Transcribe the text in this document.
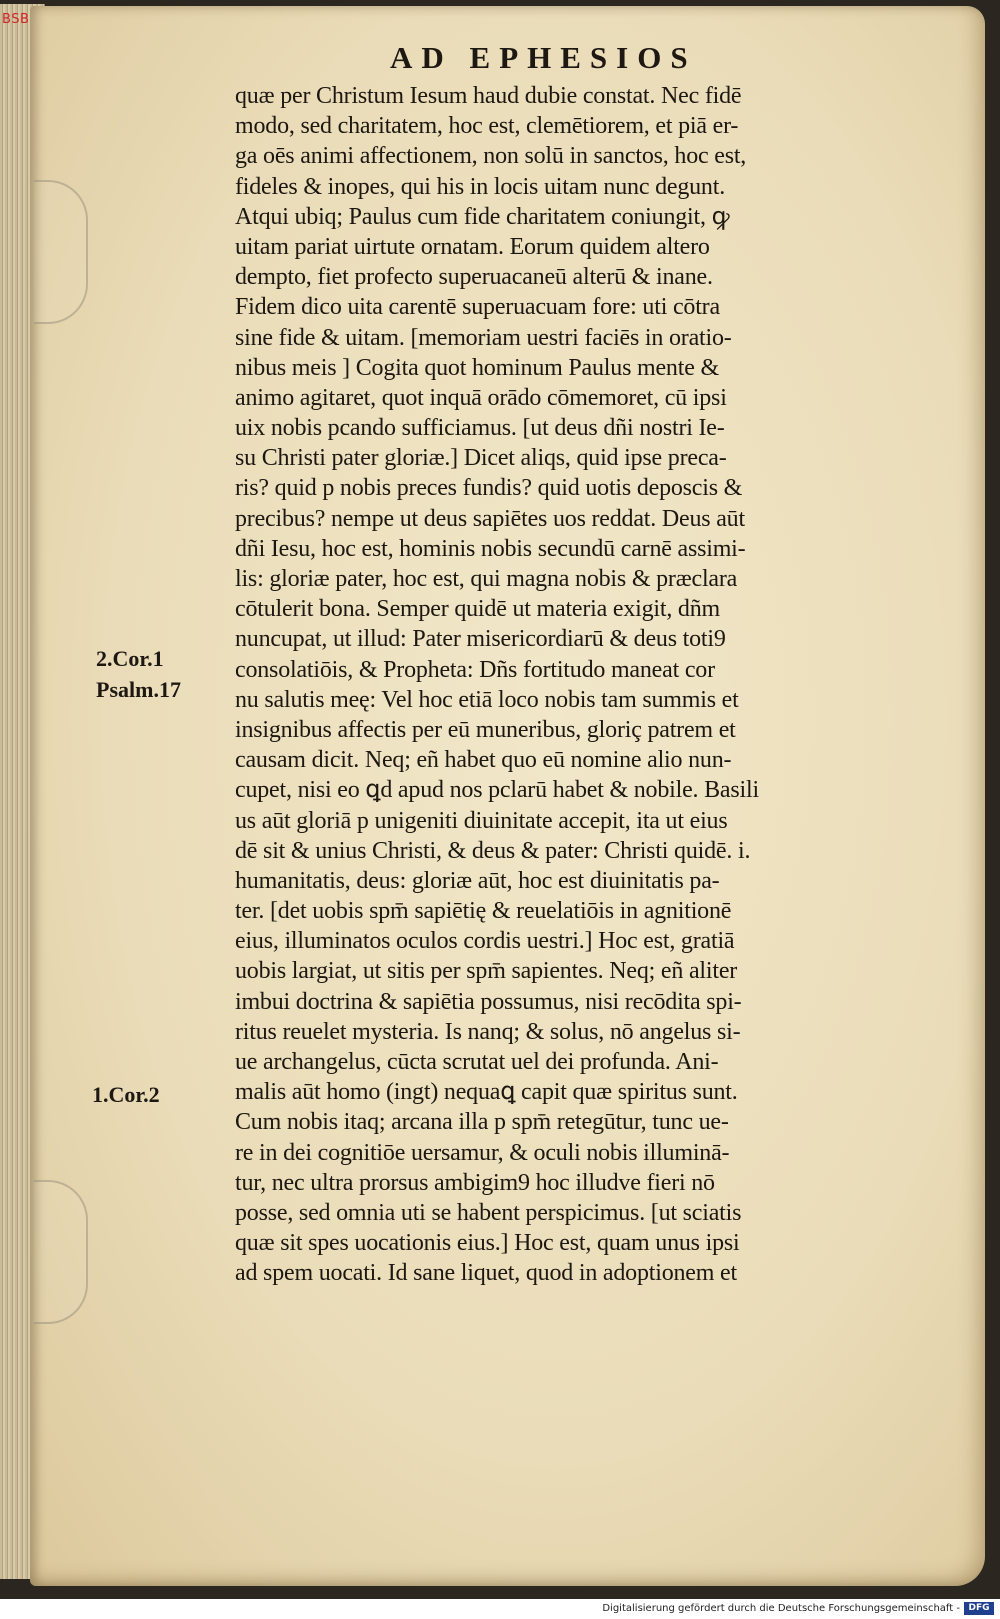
BSB
AD EPHESIOS
quæ per Christum Iesum haud dubie constat. Nec fidē
modo, sed charitatem, hoc est, clemētiorem, et piā er-
ga oēs animi affectionem, non solū in sanctos, hoc est,
fideles & inopes, qui his in locis uitam nunc degunt.
Atqui ubiq; Paulus cum fide charitatem coniungit, ꝙ
uitam pariat uirtute ornatam. Eorum quidem altero
dempto, fiet profecto superuacaneū alterū & inane.
Fidem dico uita carentē superuacuam fore: uti cōtra
sine fide & uitam. [memoriam uestri faciēs in oratio-
nibus meis ] Cogita quot hominum Paulus mente &
animo agitaret, quot inquā orādo cōmemoret, cū ipsi
uix nobis pcando sufficiamus. [ut deus dñi nostri Ie-
su Christi pater gloriæ.] Dicet aliqs, quid ipse preca-
ris? quid p nobis preces fundis? quid uotis deposcis &
precibus? nempe ut deus sapiētes uos reddat. Deus aūt
dñi Iesu, hoc est, hominis nobis secundū carnē assimi-
lis: gloriæ pater, hoc est, qui magna nobis & præclara
cōtulerit bona. Semper quidē ut materia exigit, dñm
nuncupat, ut illud: Pater misericordiarū & deus toti9
consolatiōis, & Propheta: Dñs fortitudo maneat cor
nu salutis meę: Vel hoc etiā loco nobis tam summis et
insignibus affectis per eū muneribus, gloriç patrem et
causam dicit. Neq; eñ habet quo eū nomine alio nun-
cupet, nisi eo ꝗd apud nos pclarū habet & nobile. Basili
us aūt gloriā p unigeniti diuinitate accepit, ita ut eius
dē sit & unius Christi, & deus & pater: Christi quidē. i.
humanitatis, deus: gloriæ aūt, hoc est diuinitatis pa-
ter. [det uobis spm̄ sapiētię & reuelatiōis in agnitionē
eius, illuminatos oculos cordis uestri.] Hoc est, gratiā
uobis largiat, ut sitis per spm̄ sapientes. Neq; eñ aliter
imbui doctrina & sapiētia possumus, nisi recōdita spi-
ritus reuelet mysteria. Is nanq; & solus, nō angelus si-
ue archangelus, cūcta scrutat uel dei profunda. Ani-
malis aūt homo (ingt) nequaꝗ capit quæ spiritus sunt.
Cum nobis itaq; arcana illa p spm̄ retegūtur, tunc ue-
re in dei cognitiōe uersamur, & oculi nobis illuminā-
tur, nec ultra prorsus ambigim9 hoc illudve fieri nō
posse, sed omnia uti se habent perspicimus. [ut sciatis
quæ sit spes uocationis eius.] Hoc est, quam unus ipsi
ad spem uocati. Id sane liquet, quod in adoptionem et
2.Cor.1
Psalm.17
1.Cor.2
Digitalisierung gefördert durch die Deutsche Forschungsgemeinschaft - DFG
